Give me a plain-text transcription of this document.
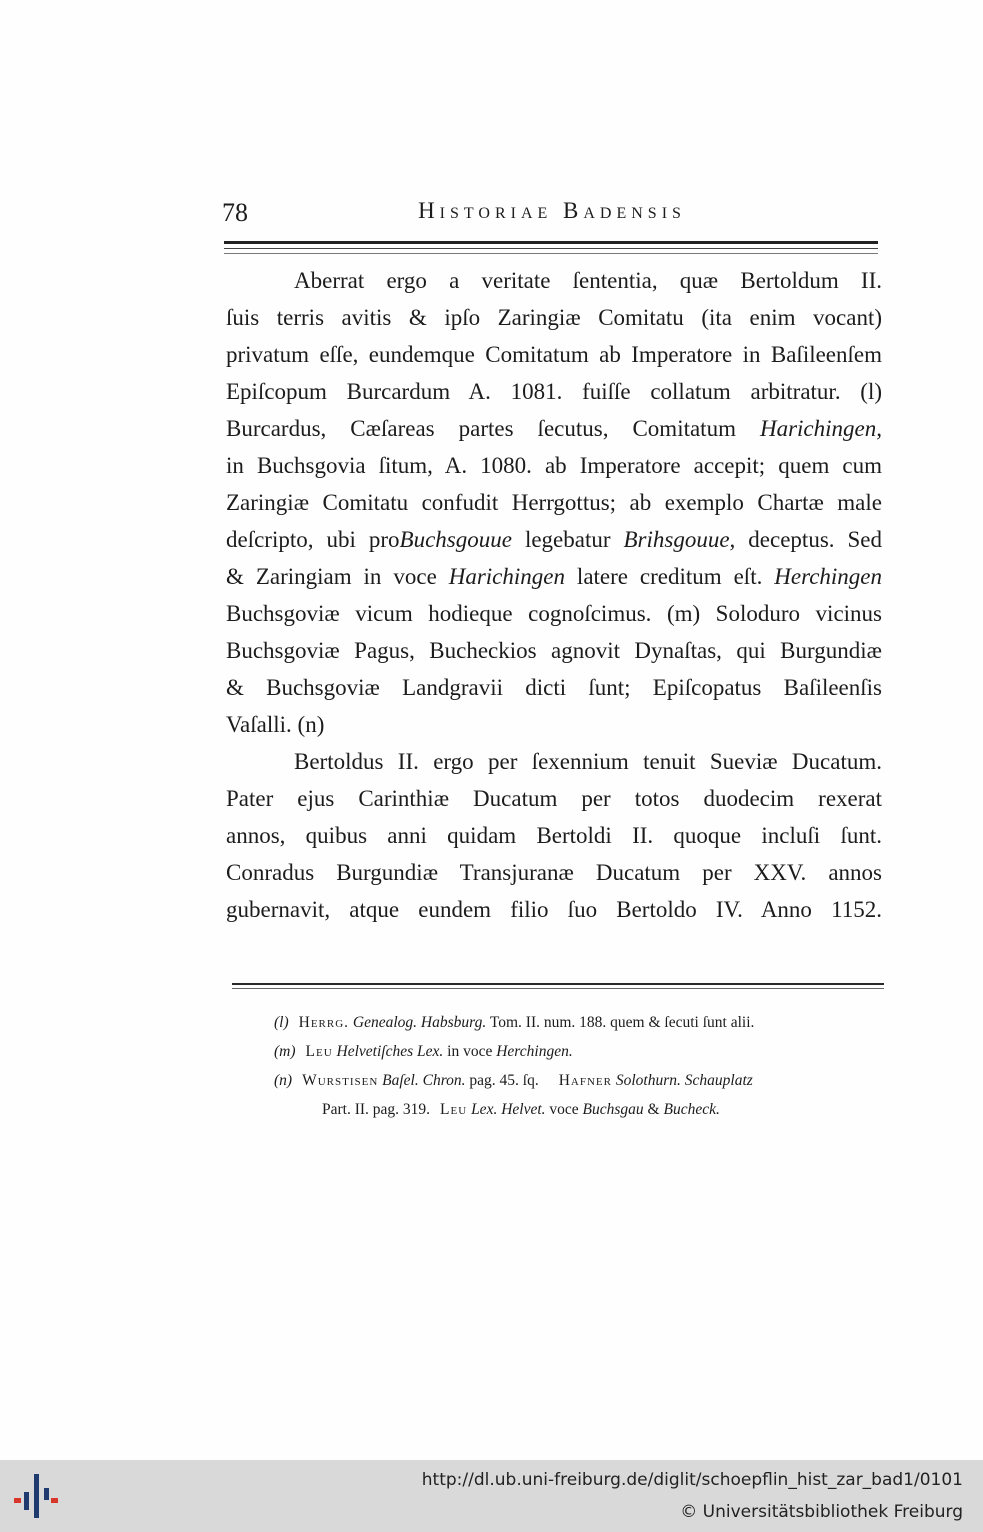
78	Historiae Badensis
Aberrat ergo a veritate ſententia, quæ Bertoldum II.
ſuis terris avitis & ipſo Zaringiæ Comitatu (ita enim vocant)
privatum eſſe, eundemque Comitatum ab Imperatore in Baſileenſem
Epiſcopum Burcardum A. 1081. fuiſſe collatum arbitratur. (l)
Burcardus, Cæſareas partes ſecutus, Comitatum Harichingen,
in Buchsgovia ſitum, A. 1080. ab Imperatore accepit; quem cum
Zaringiæ Comitatu confudit Herrgottus; ab exemplo Chartæ male
deſcripto, ubi proBuchsgouue legebatur Brihsgouue, deceptus. Sed
& Zaringiam in voce Harichingen latere creditum eſt. Herchingen
Buchsgoviæ vicum hodieque cognoſcimus. (m) Soloduro vicinus
Buchsgoviæ Pagus, Bucheckios agnovit Dynaſtas, qui Burgundiæ
& Buchsgoviæ Landgravii dicti ſunt; Epiſcopatus Baſileenſis
Vaſalli. (n)
Bertoldus II. ergo per ſexennium tenuit Sueviæ Ducatum.
Pater ejus Carinthiæ Ducatum per totos duodecim rexerat
annos, quibus anni quidam Bertoldi II. quoque incluſi ſunt.
Conradus Burgundiæ Transjuranæ Ducatum per XXV. annos
gubernavit, atque eundem filio ſuo Bertoldo IV. Anno 1152.
(l) Herrg. Genealog. Habsburg. Tom. II. num. 188. quem & ſecuti ſunt alii.
(m) Leu Helvetiſches Lex. in voce Herchingen.
(n) Wurstisen Baſel. Chron. pag. 45. ſq. Hafner Solothurn. Schauplatz
Part. II. pag. 319. Leu Lex. Helvet. voce Buchsgau & Bucheck.
http://dl.ub.uni-freiburg.de/diglit/schoepflin_hist_zar_bad1/0101
© Universitätsbibliothek Freiburg
